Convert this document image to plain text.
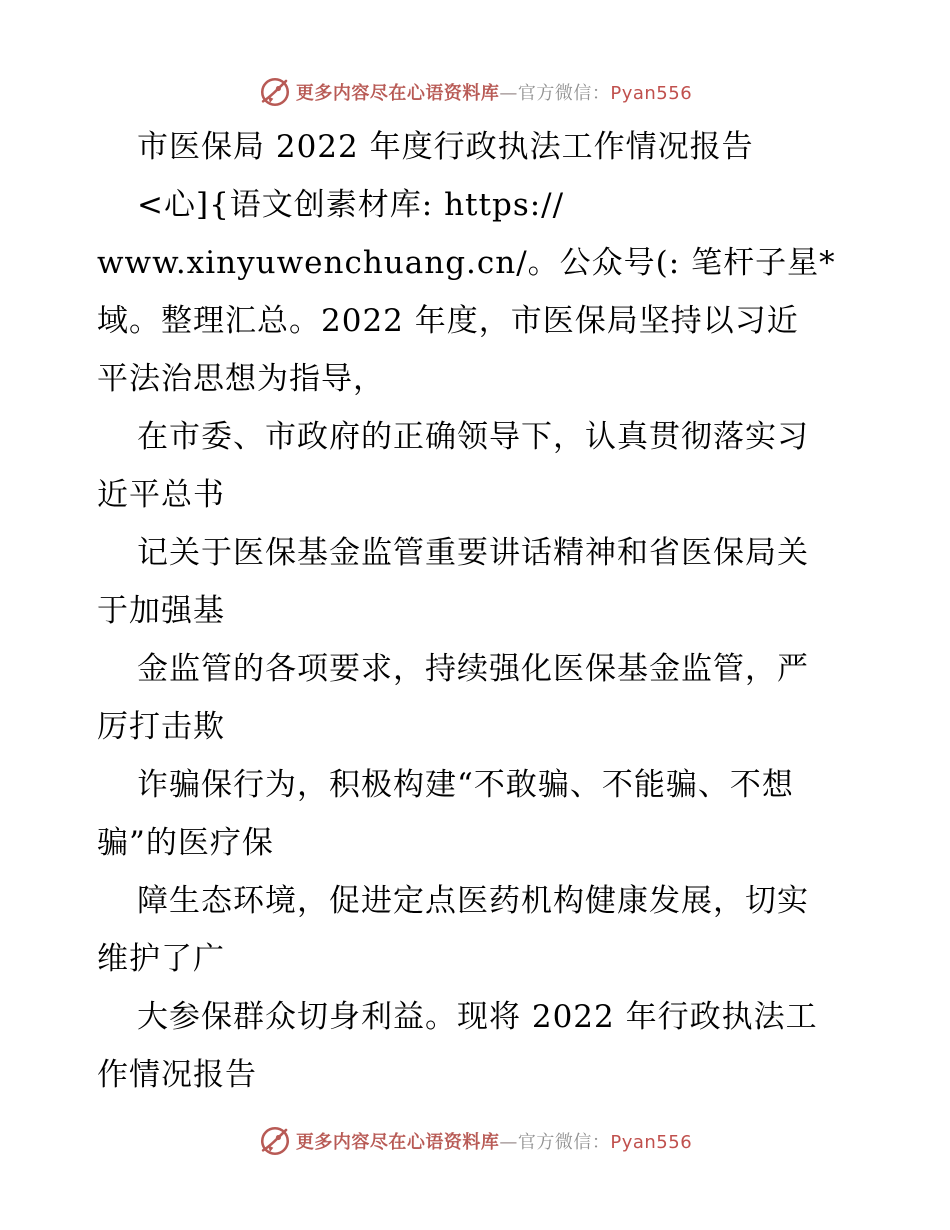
更多内容尽在心语资料库—官方微信：Pyan556
市医保局 2022 年度行政执法工作情况报告
<心]{语文创素材库: https://
www.xinyuwenchuang.cn/。公众号(: 笔杆子星*
域。整理汇总。2022 年度，市医保局坚持以习近
平法治思想为指导，
在市委、市政府的正确领导下，认真贯彻落实习
近平总书
记关于医保基金监管重要讲话精神和省医保局关
于加强基
金监管的各项要求，持续强化医保基金监管，严
厉打击欺
诈骗保行为，积极构建“不敢骗、不能骗、不想
骗”的医疗保
障生态环境，促进定点医药机构健康发展，切实
维护了广
大参保群众切身利益。现将 2022 年行政执法工
作情况报告
更多内容尽在心语资料库—官方微信：Pyan556
